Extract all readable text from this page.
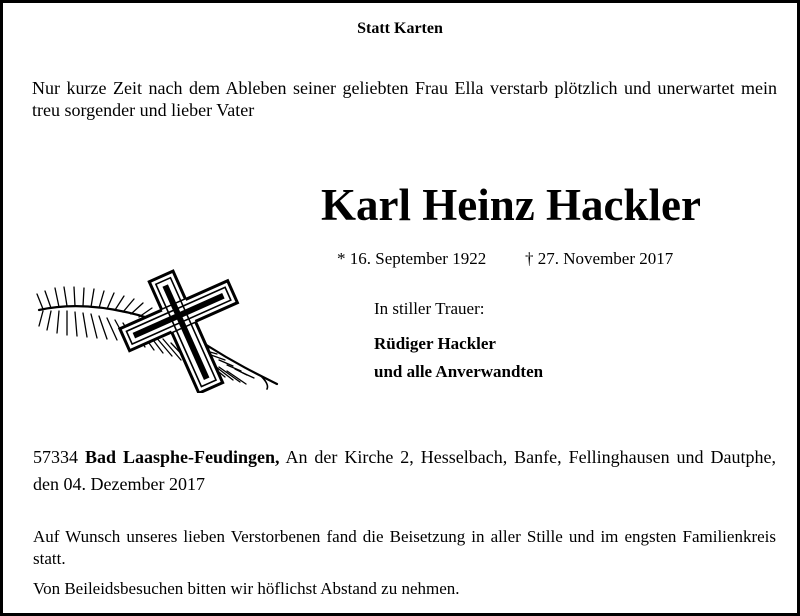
Statt Karten
Nur kurze Zeit nach dem Ableben seiner geliebten Frau Ella verstarb plötzlich und unerwartet mein treu sorgender und lieber Vater
Karl Heinz Hackler
* 16. September 1922 † 27. November 2017
In stiller Trauer:
Rüdiger Hackler
und alle Anverwandten
57334 Bad Laasphe-Feudingen, An der Kirche 2, Hesselbach, Banfe, Fellinghausen und Dautphe, den 04. Dezember 2017
Auf Wunsch unseres lieben Verstorbenen fand die Beisetzung in aller Stille und im engsten Familienkreis statt.
Von Beileidsbesuchen bitten wir höflichst Abstand zu nehmen.
